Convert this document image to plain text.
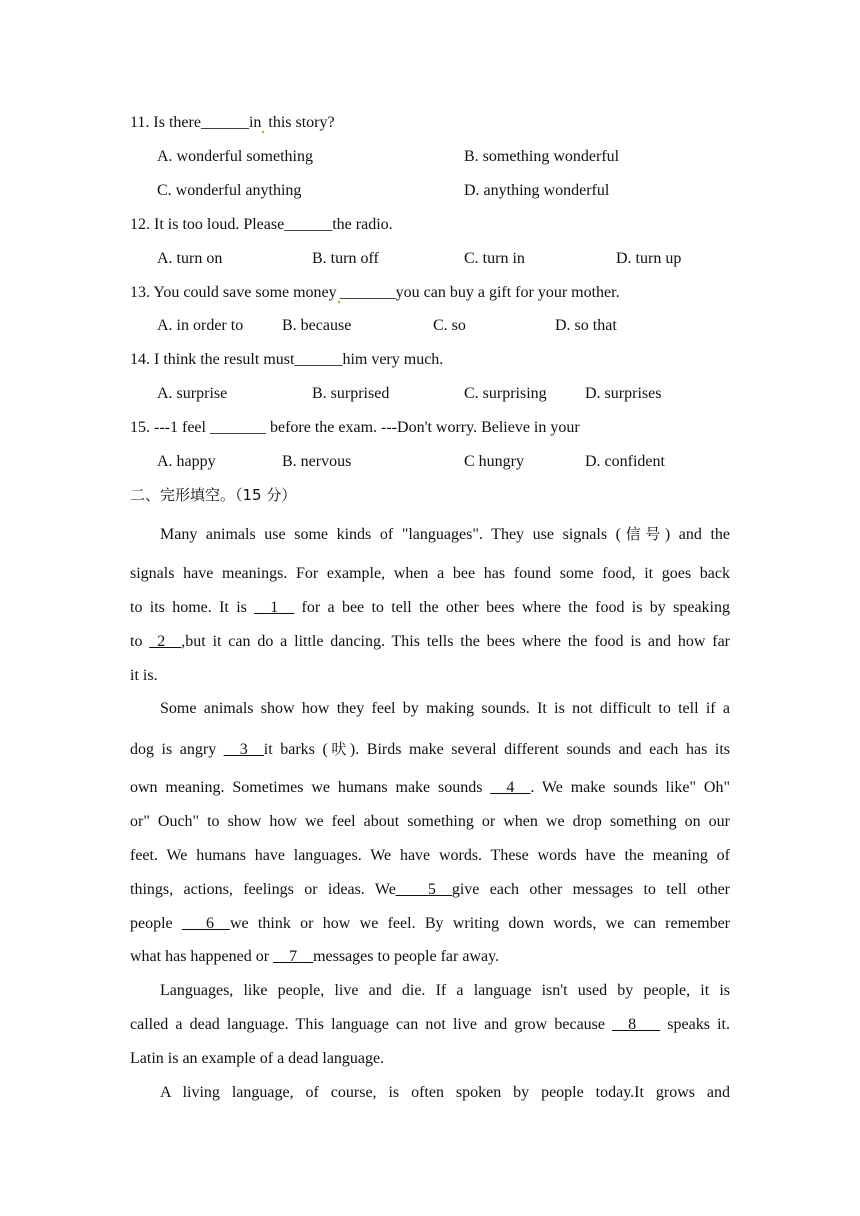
11. Is there______in this story?
A. wonderful something	B. something wonderful
C. wonderful anything	D. anything wonderful
12. It is too loud. Please______the radio.
A. turn on	B. turn off	C. turn in	D. turn up
13. You could save some money _______you can buy a gift for your mother.
A. in order to B. because	C. so	D. so that
14. I think the result must______him very much.
A. surprise	B. surprised	C. surprising D. surprises
15. ---1 feel _______ before the exam. ---Don't worry. Believe in your
A. happy	B. nervous	C hungry	D. confident
二、完形填空。（15 分）
Many animals use some kinds of "languages". They use signals (信号) and the
signals have meanings. For example, when a bee has found some food, it goes back
to its home. It is __1__ for a bee to tell the other bees where the food is by speaking
to _2__,but it can do a little dancing. This tells the bees where the food is and how far
it is.
Some animals show how they feel by making sounds. It is not difficult to tell if a
dog is angry __3__it barks (吠). Birds make several different sounds and each has its
own meaning. Sometimes we humans make sounds __4__. We make sounds like" Oh"
or" Ouch" to show how we feel about something or when we drop something on our
feet. We humans have languages. We have words. These words have the meaning of
things, actions, feelings or ideas. We____5__give each other messages to tell other
people ___6__we think or how we feel. By writing down words, we can remember
what has happened or __7__messages to people far away.
Languages, like people, live and die. If a language isn't used by people, it is
called a dead language. This language can not live and grow because __8___ speaks it.
Latin is an example of a dead language.
A living language, of course, is often spoken by people today.It grows and
